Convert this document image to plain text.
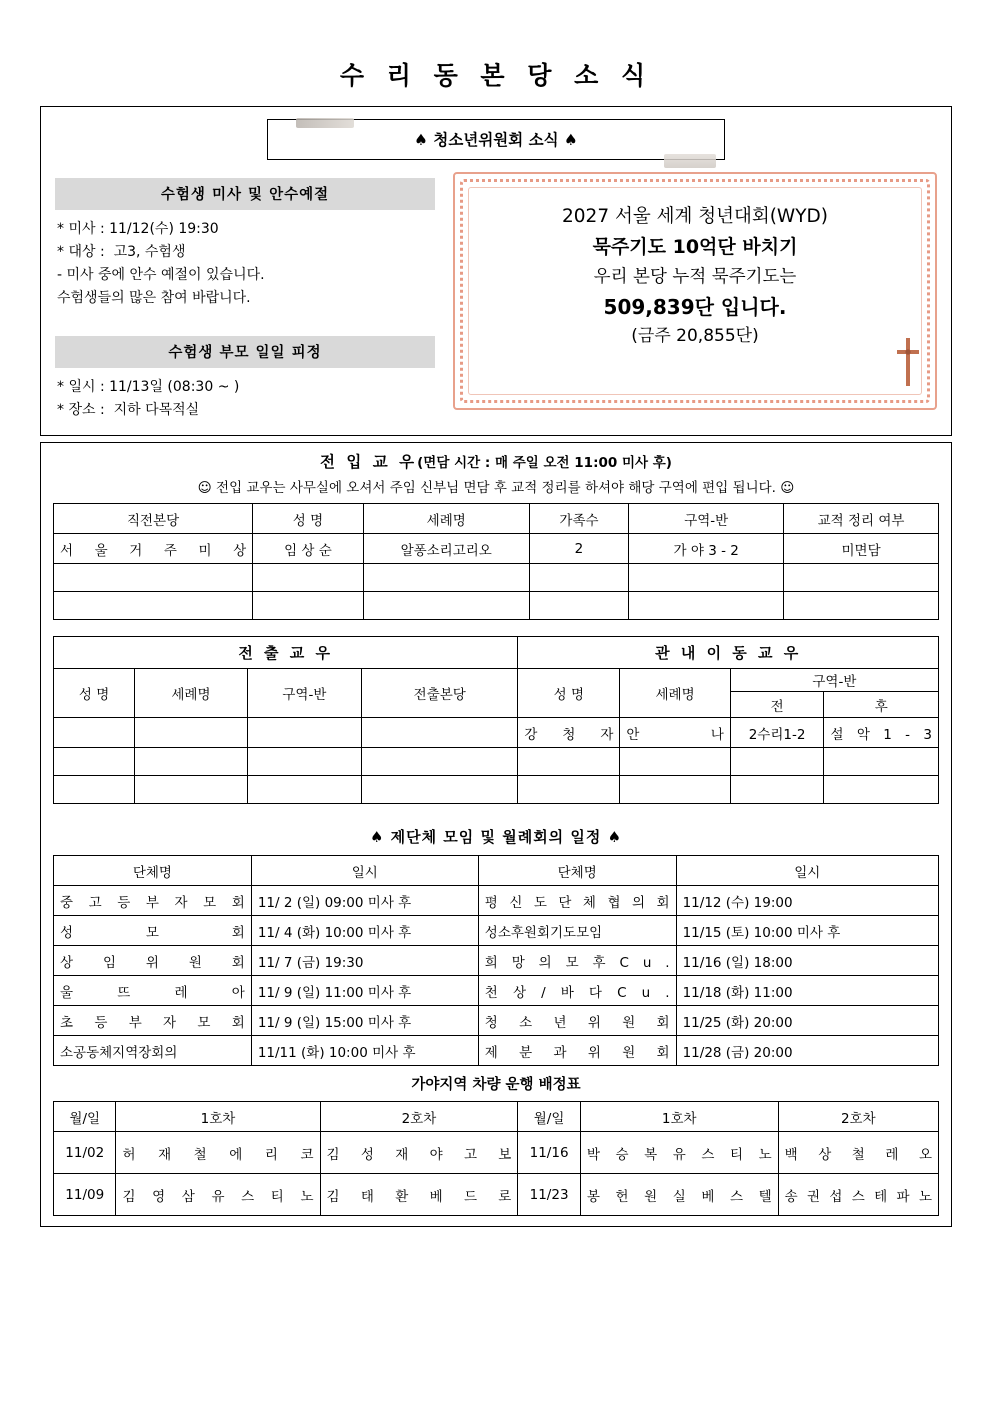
수 리 동 본 당 소 식
♠ 청소년위원회 소식 ♠
수험생 미사 및 안수예절
* 미사 : 11/12(수) 19:30
* 대상 :  고3, 수험생
- 미사 중에 안수 예절이 있습니다.
수험생들의 많은 참여 바랍니다.
수험생 부모 일일 피정
* 일시 : 11/13일 (08:30 ~ )
* 장소 :  지하 다목적실
2027 서울 세계 청년대회(WYD)
묵주기도 10억단 바치기
우리 본당 누적 묵주기도는
509,839단 입니다.
(금주 20,855단)
전 입 교 우(면담 시간 : 매 주일 오전 11:00 미사 후)
☺ 전입 교우는 사무실에 오셔서 주임 신부님 면담 후 교적 정리를 하셔야 해당 구역에 편입 됩니다. ☺
직전본당	성 명	세례명	가족수	구역-반	교적 정리 여부
서 울 거 주 미 상	임 상 순	알퐁소리고리오	2	가 야 3 - 2	미면담

전 출 교 우				관 내 이 동 교 우			
성 명	세례명	구역-반	전출본당	성 명	세례명	구역-반	
						전	후
				강 청 자	안 나	2수리1-2	설 악 1 - 3

♠ 제단체 모임 및 월례회의 일정 ♠
단체명	일시	단체명	일시
중 고 등 부 자 모 회	11/ 2 (일) 09:00 미사 후	평 신 도 단 체 협 의 회	11/12 (수) 19:00
성 모 회	11/ 4 (화) 10:00 미사 후	성소후원회기도모임	11/15 (토) 10:00 미사 후
상 임 위 원 회	11/ 7 (금) 19:30	희 망 의 모 후 C u .	11/16 (일) 18:00
울 뜨 레 아	11/ 9 (일) 11:00 미사 후	천 상 / 바 다 C u .	11/18 (화) 11:00
초 등 부 자 모 회	11/ 9 (일) 15:00 미사 후	청 소 년 위 원 회	11/25 (화) 20:00
소공동체지역장회의	11/11 (화) 10:00 미사 후	제 분 과 위 원 회	11/28 (금) 20:00
가야지역 차량 운행 배정표
월/일	1호차	2호차	월/일	1호차	2호차
11/02	허 재 철 에 리 코	김 성 재 야 고 보	11/16	박 승 복 유 스 티 노	백 상 철 레 오
11/09	김 영 삼 유 스 티 노	김 태 환 베 드 로	11/23	봉 헌 원 실 베 스 텔	송 권 섭 스 테 파 노
